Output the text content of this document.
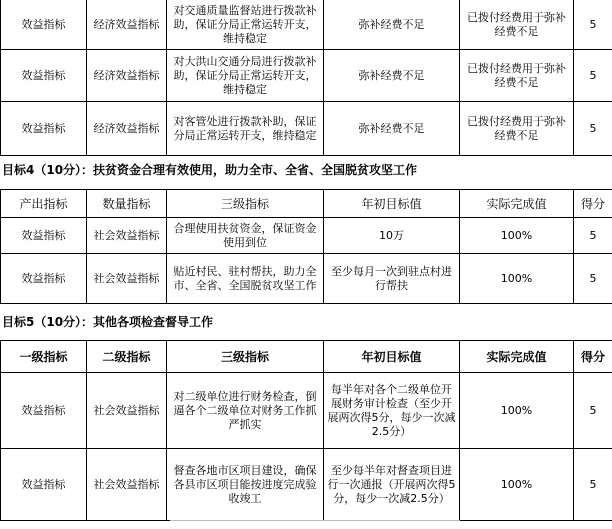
效益指标	经济效益指标	对交通质量监督站进行拨款补助，保证分局正常运转开支，维持稳定	弥补经费不足	已拨付经费用于弥补经费不足	5
效益指标	经济效益指标	对大洪山交通分局进行拨款补助，保证分局正常运转开支，维持稳定	弥补经费不足	已拨付经费用于弥补经费不足	5
效益指标	经济效益指标	对客管处进行拨款补助，保证分局正常运转开支，维持稳定	弥补经费不足	已拨付经费用于弥补经费不足	5
目标4（10分）：扶贫资金合理有效使用，助力全市、全省、全国脱贫攻坚工作
产出指标	数量指标	三级指标	年初目标值	实际完成值	得分
效益指标	社会效益指标	合理使用扶贫资金，保证资金使用到位	10万	100%	5
效益指标	社会效益指标	贴近村民、驻村帮扶，助力全市、全省、全国脱贫攻坚工作	至少每月一次到驻点村进行帮扶	100%	5
目标5（10分）：其他各项检查督导工作
一级指标	二级指标	三级指标	年初目标值	实际完成值	得分
效益指标	社会效益指标	对二级单位进行财务检查，倒逼各个二级单位对财务工作抓严抓实	每半年对各个二级单位开展财务审计检查（至少开展两次得5分，每少一次减2.5分）	100%	5
效益指标	社会效益指标	督查各地市区项目建设，确保各县市区项目能按进度完成验收竣工	至少每半年对督查项目进行一次通报（开展两次得5分，每少一次减2.5分）	100%	5
